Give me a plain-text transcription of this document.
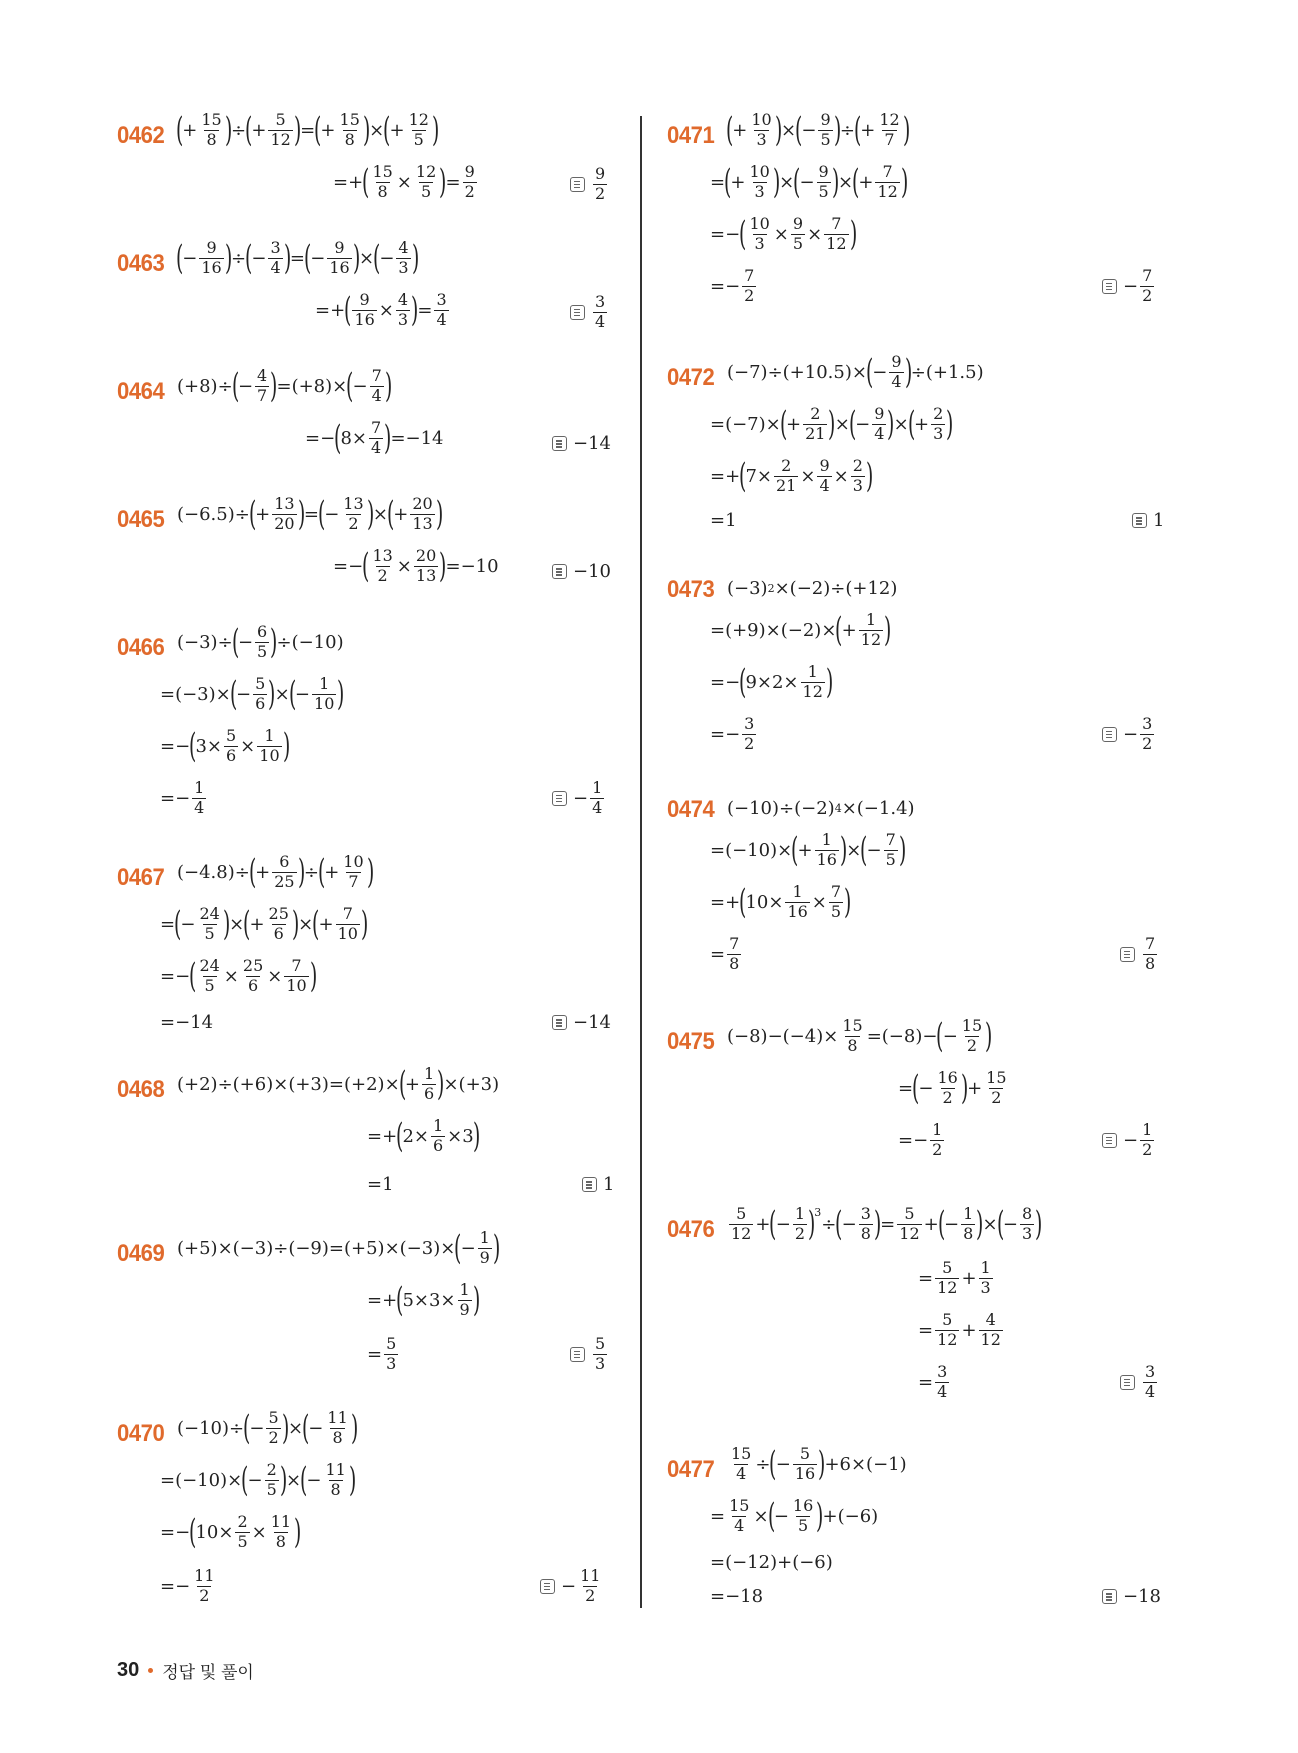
0462 (
+ $\frac{15}{8}$ )
÷
(
+ $\frac{5}{12}$ )
=
(
+ $\frac{15}{8}$ )
×
(
+ $\frac{12}{5}$ )
=+
( $\frac{15}{8} \times \frac{12}{5}$ )
= $\frac{9}{2}$	$\frac{9}{2}$
0463 (
− $\frac{9}{16}$ )
÷
(
− $\frac{3}{4}$ )
=
(
− $\frac{9}{16}$ )
×
(
− $\frac{4}{3}$ )
=+
( $\frac{9}{16} \times \frac{4}{3}$ )
= $\frac{3}{4}$	$\frac{3}{4}$
0464 (+8)÷
(
− $\frac{4}{7}$ )
=(+8)×
(
− $\frac{7}{4}$ )
=−
(
$8\times \frac{7}{4}$ )
=−14	−14
0465 (−6.5)÷
(
+ $\frac{13}{20}$ )
=
(
− $\frac{13}{2}$ )
×
(
+ $\frac{20}{13}$ )
=−
( $\frac{13}{2} \times \frac{20}{13}$ )
=−10	−10
0466 (−3)÷
(
− $\frac{6}{5}$ )
÷(−10)
=(−3)×
(
− $\frac{5}{6}$ )
×
(
− $\frac{1}{10}$ )
=−
(
$3\times \frac{5}{6} \times \frac{1}{10}$ )
=− $\frac{1}{4}$	− $\frac{1}{4}$
0467 (−4.8)÷
(
+ $\frac{6}{25}$ )
÷
(
+ $\frac{10}{7}$ )
=
(
− $\frac{24}{5}$ )
×
(
+ $\frac{25}{6}$ )
×
(
+ $\frac{7}{10}$ )
=−
( $\frac{24}{5} \times \frac{25}{6} \times \frac{7}{10}$ )
=−14	−14
0468 (+2)÷(+6)×(+3)=(+2)×
(
+ $\frac{1}{6}$ )
×(+3)
=+
(
$2\times \frac{1}{6} \times 3$
)
=1	1
0469 (+5)×(−3)÷(−9)=(+5)×(−3)×
(
− $\frac{1}{9}$ )
=+
(
$5\times 3\times \frac{1}{9}$ )
= $\frac{5}{3}$	$\frac{5}{3}$
0470 (−10)÷
(
− $\frac{5}{2}$ )
×
(
− $\frac{11}{8}$ )
=(−10)×
(
− $\frac{2}{5}$ )
×
(
− $\frac{11}{8}$ )
=−
(
$10\times \frac{2}{5} \times \frac{11}{8}$ )
=− $\frac{11}{2}$	− $\frac{11}{2}$
0471 (
+ $\frac{10}{3}$ )
×
(
− $\frac{9}{5}$ )
÷
(
+ $\frac{12}{7}$ )
=
(
+ $\frac{10}{3}$ )
×
(
− $\frac{9}{5}$ )
×
(
+ $\frac{7}{12}$ )
=−
( $\frac{10}{3} \times \frac{9}{5} \times \frac{7}{12}$ )
=− $\frac{7}{2}$	− $\frac{7}{2}$
0472 (−7)÷(+10.5)×
(
− $\frac{9}{4}$ )
÷(+1.5)
=(−7)×
(
+ $\frac{2}{21}$ )
×
(
− $\frac{9}{4}$ )
×
(
+ $\frac{2}{3}$ )
=+
(
$7\times \frac{2}{21} \times \frac{9}{4} \times \frac{2}{3}$ )
=1	1
0473 (−3) 2 ×(−2)÷(+12)
=(+9)×(−2)×
(
+ $\frac{1}{12}$ )
=−
(
$9\times 2\times \frac{1}{12}$ )
=− $\frac{3}{2}$	− $\frac{3}{2}$
0474 (−10)÷(−2) 4 ×(−1.4)
=(−10)×
(
+ $\frac{1}{16}$ )
×
(
− $\frac{7}{5}$ )
=+
(
$10\times \frac{1}{16} \times \frac{7}{5}$ )
= $\frac{7}{8}$	$\frac{7}{8}$
0475 $(-8)-(-4)\times \frac{15}{8} =(-8)-$
(
− $\frac{15}{2}$ )
=
(
− $\frac{16}{2}$ )
+ $\frac{15}{2}$
=− $\frac{1}{2}$	− $\frac{1}{2}$
$0476 \frac{5}{12}$ +
(
− $\frac{1}{2}$ )
3
÷
(
− $\frac{3}{8}$ )
= $\frac{5}{12}$ +
(
− $\frac{1}{8}$ )
×
(
− $\frac{8}{3}$ )
= $\frac{5}{12} + \frac{1}{3}$
= $\frac{5}{12} + \frac{4}{12}$
= $\frac{3}{4}$	$\frac{3}{4}$
$0477 \frac{15}{4}$ ÷
(
− $\frac{5}{16}$ )
+6×(−1)
= $\frac{15}{4}$ ×
(
− $\frac{16}{5}$ )
+(−6)
=(−12)+(−6)
=−18	−18
30 정답 및 풀이
